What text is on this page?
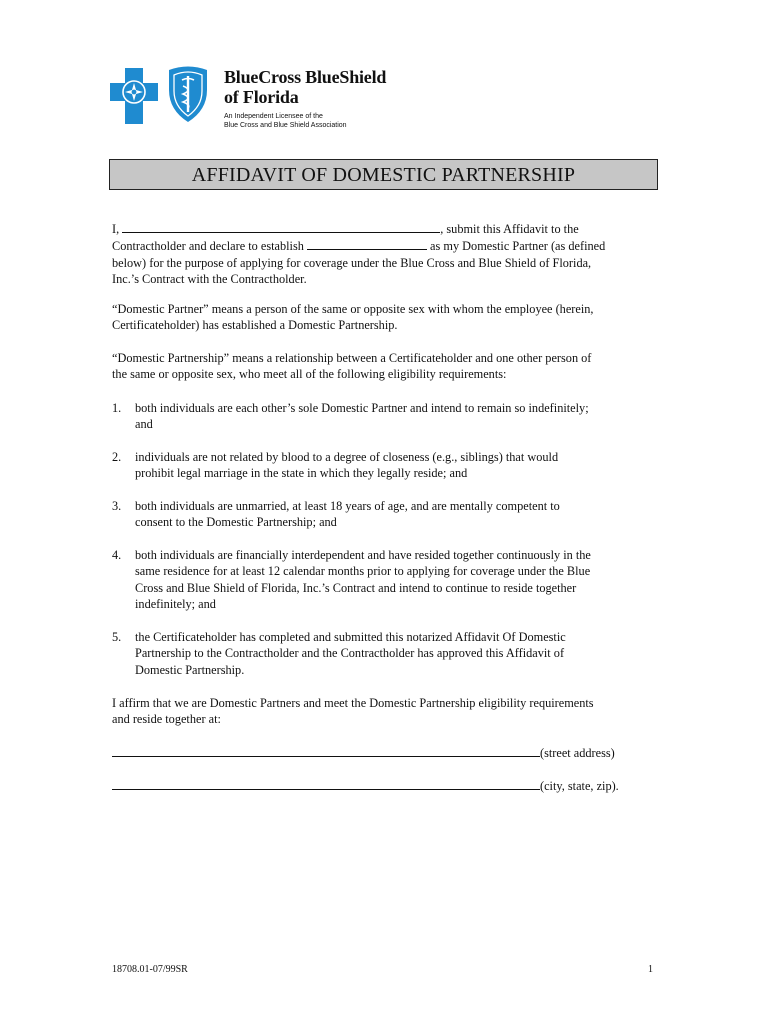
BlueCross BlueShield
of Florida
An Independent Licensee of the
Blue Cross and Blue Shield Association
AFFIDAVIT OF DOMESTIC PARTNERSHIP
I,	, submit this Affidavit to the
Contractholder and declare to establish	as my Domestic Partner (as defined
below) for the purpose of applying for coverage under the Blue Cross and Blue Shield of Florida,
Inc.’s Contract with the Contractholder.
“Domestic Partner” means a person of the same or opposite sex with whom the employee (herein,
Certificateholder) has established a Domestic Partnership.
“Domestic Partnership” means a relationship between a Certificateholder and one other person of
the same or opposite sex, who meet all of the following eligibility requirements:
1. both individuals are each other’s sole Domestic Partner and intend to remain so indefinitely;
and
2. individuals are not related by blood to a degree of closeness (e.g., siblings) that would
prohibit legal marriage in the state in which they legally reside; and
3. both individuals are unmarried, at least 18 years of age, and are mentally competent to
consent to the Domestic Partnership; and
4. both individuals are financially interdependent and have resided together continuously in the
same residence for at least 12 calendar months prior to applying for coverage under the Blue
Cross and Blue Shield of Florida, Inc.’s Contract and intend to continue to reside together
indefinitely; and
5. the Certificateholder has completed and submitted this notarized Affidavit Of Domestic
Partnership to the Contractholder and the Contractholder has approved this Affidavit of
Domestic Partnership.
I affirm that we are Domestic Partners and meet the Domestic Partnership eligibility requirements
and reside together at:
(street address)
(city, state, zip).
18708.01-07/99SR	1
